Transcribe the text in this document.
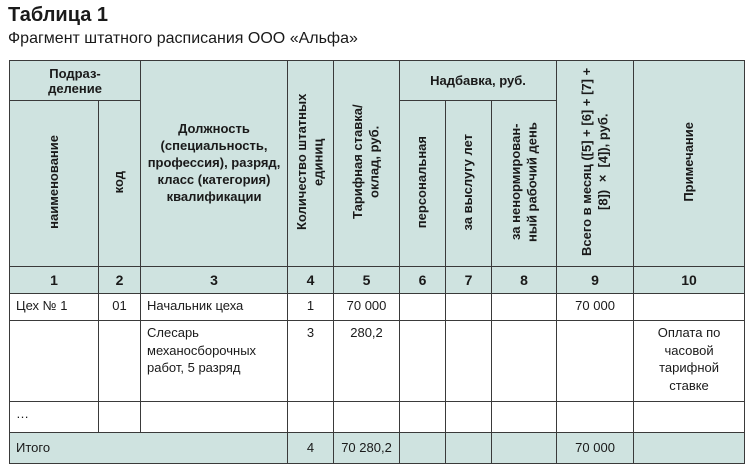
Таблица 1
Фрагмент штатного расписания ООО «Альфа»
Подраз-деление		Должность (специальность, профессия), разряд, класс (категория) квалификации	Количество штатных единиц	Тарифная ставка/оклад, руб.	Надбавка, руб.			Всего в месяц ([5] + [6] + [7] + [8]) × [4]), руб.	Примечание
наименование	код				персональная	за выслугу лет	за ненормирован-ный рабочий день		
1	2	3	4	5	6	7	8	9	10
Цех № 1	01	Начальник цеха	1	70 000				70 000	
		Слесарь механосборочных работ, 5 разряд	3	280,2					Оплата по часовой тарифной ставке
…									
Итого			4	70 280,2				70 000	
